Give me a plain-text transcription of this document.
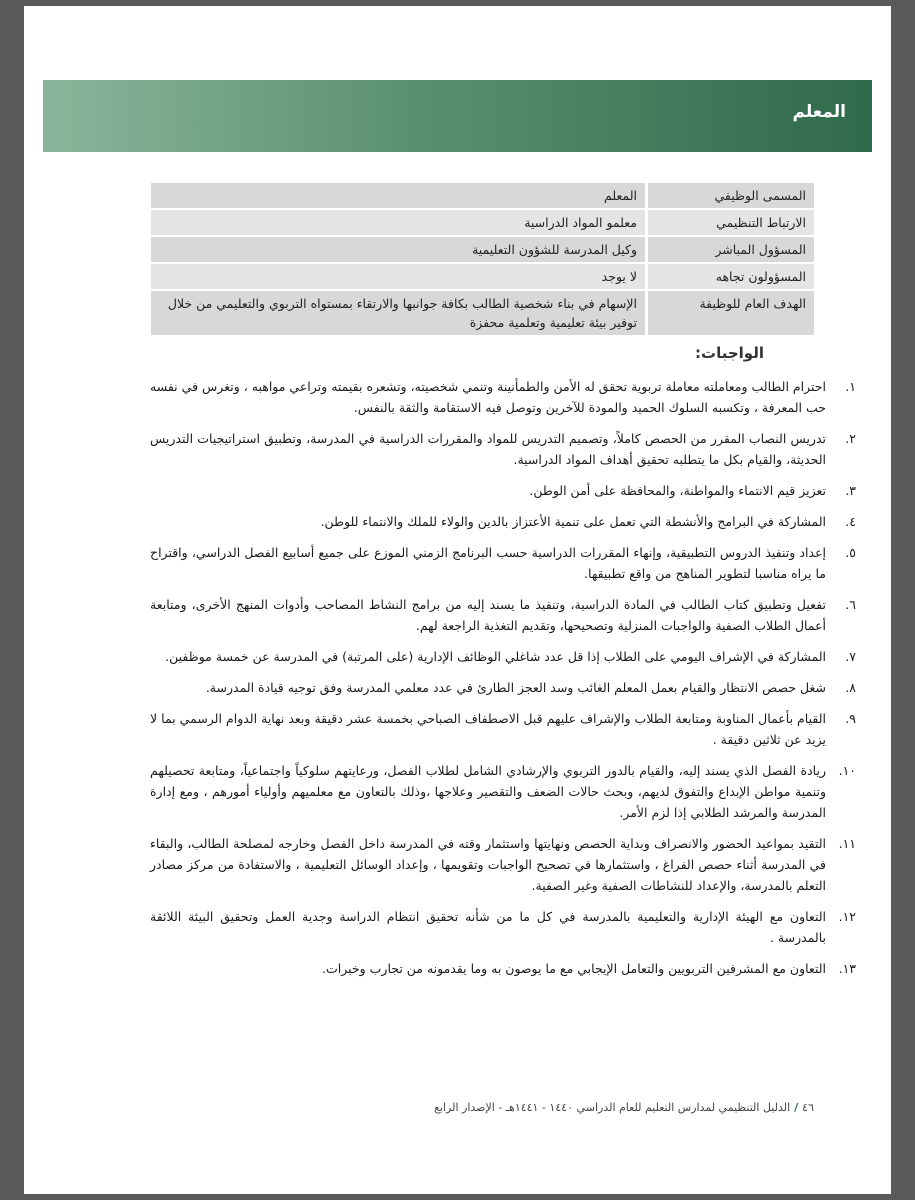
المعلم
المسمى الوظيفي	المعلم
الارتباط التنظيمي	معلمو المواد الدراسية
المسؤول المباشر	وكيل المدرسة للشؤون التعليمية
المسؤولون تجاهه	لا يوجد
الهدف العام للوظيفة	الإسهام في بناء شخصية الطالب بكافة جوانبها والارتقاء بمستواه التربوي والتعليمي من خلال توفير بيئة تعليمية وتعلمية محفزة
الواجبات:
١.
احترام الطالب ومعاملته معاملة تربوية تحقق له الأمن والطمأنينة وتنمي شخصيته، وتشعره بقيمته وتراعي مواهبه ، وتغرس في نفسه حب المعرفة ، وتكسبه السلوك الحميد والمودة للآخرين وتوصل فيه الاستقامة والثقة بالنفس.
٢.
تدريس النصاب المقرر من الحصص كاملاً، وتصميم التدريس للمواد والمقررات الدراسية في المدرسة، وتطبيق استراتيجيات التدريس الحديثة، والقيام بكل ما يتطلبه تحقيق أهداف المواد الدراسية.
٣.
تعزيز قيم الانتماء والمواطنة، والمحافظة على أمن الوطن.
٤.
المشاركة في البرامج والأنشطة التي تعمل على تنمية الأعتزاز بالدين والولاء للملك والانتماء للوطن.
٥.
إعداد وتنفيذ الدروس التطبيقية، وإنهاء المقررات الدراسية حسب البرنامج الزمني الموزع على جميع أسابيع الفصل الدراسي، واقتراح ما يراه مناسبا لتطوير المناهج من واقع تطبيقها.
٦.
تفعيل وتطبيق كتاب الطالب في المادة الدراسية، وتنفيذ ما يسند إليه من برامج النشاط المصاحب وأدوات المنهج الأخرى، ومتابعة أعمال الطلاب الصفية والواجبات المنزلية وتصحيحها، وتقديم التغذية الراجعة لهم.
٧.
المشاركة في الإشراف اليومي على الطلاب إذا قل عدد شاغلي الوظائف الإدارية (على المرتبة) في المدرسة عن خمسة موظفين.
٨.
شغل حصص الانتظار والقيام بعمل المعلم الغائب وسد العجز الطارئ في عدد معلمي المدرسة وفق توجيه قيادة المدرسة.
٩.
القيام بأعمال المناوبة ومتابعة الطلاب والإشراف عليهم قبل الاصطفاف الصباحي بخمسة عشر دقيقة وبعد نهاية الدوام الرسمي بما لا يزيد عن ثلاثين دقيقة .
١٠.
ريادة الفصل الذي يسند إليه، والقيام بالدور التربوي والإرشادي الشامل لطلاب الفصل، ورعايتهم سلوكياً واجتماعياً، ومتابعة تحصيلهم وتنمية مواطن الإبداع والتفوق لديهم، وبحث حالات الضعف والتقصير وعلاجها ،وذلك بالتعاون مع معلميهم وأولياء أمورهم ، ومع إدارة المدرسة والمرشد الطلابي إذا لزم الأمر.
١١.
التقيد بمواعيد الحضور والانصراف وبداية الحصص ونهايتها واستثمار وقته في المدرسة داخل الفصل وخارجه لمصلحة الطالب، والبقاء في المدرسة أثناء حصص الفراغ ، واستثمارها في تصحيح الواجبات وتقويمها ، وإعداد الوسائل التعليمية ، والاستفادة من مركز مصادر التعلم بالمدرسة، والإعداد للنشاطات الصفية وغير الصفية.
١٢.
التعاون مع الهيئة الإدارية والتعليمية بالمدرسة في كل ما من شأنه تحقيق انتظام الدراسة وجدية العمل وتحقيق البيئة اللائقة بالمدرسة .
١٣.
التعاون مع المشرفين التربويين والتعامل الإيجابي مع ما يوصون به وما يقدمونه من تجارب وخبرات.
٤٦/الدليل التنظيمي لمدارس التعليم للعام الدراسي ١٤٤٠ - ١٤٤١هـ - الإصدار الرابع
